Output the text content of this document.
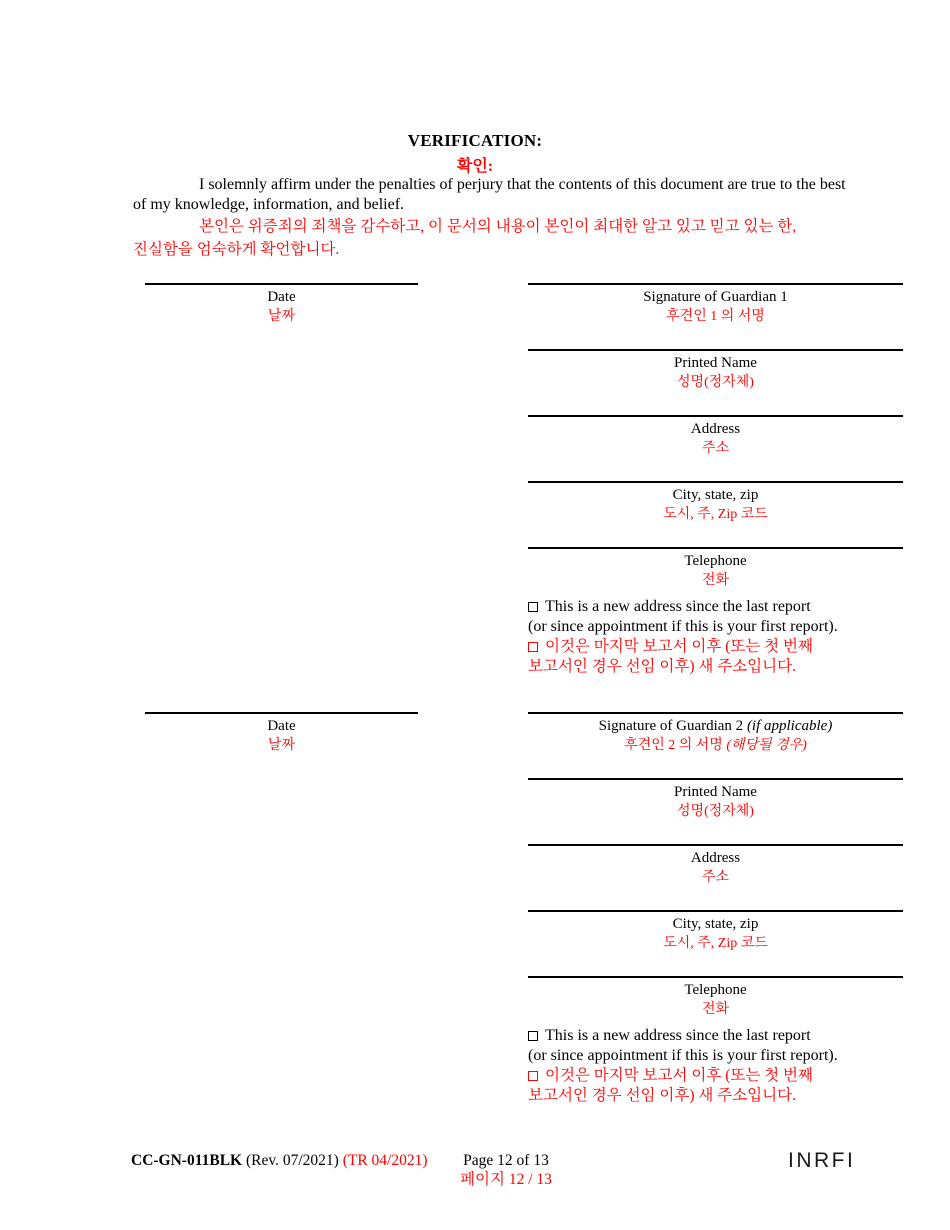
VERIFICATION:
확인:
I solemnly affirm under the penalties of perjury that the contents of this document are true to the best
of my knowledge, information, and belief.
본인은 위증죄의 죄책을 감수하고, 이 문서의 내용이 본인이 최대한 알고 있고 믿고 있는 한,
진실함을 엄숙하게 확언합니다.
Date
날짜
Signature of Guardian 1
후견인 1 의 서명
Printed Name
성명(정자체)
Address
주소
City, state, zip
도시, 주, Zip 코드
Telephone
전화
This is a new address since the last report
(or since appointment if this is your first report).
이것은 마지막 보고서 이후 (또는 첫 번째
보고서인 경우 선임 이후) 새 주소입니다.
Date
날짜
Signature of Guardian 2 (if applicable)
후견인 2 의 서명 (해당될 경우)
Printed Name
성명(정자체)
Address
주소
City, state, zip
도시, 주, Zip 코드
Telephone
전화
This is a new address since the last report
(or since appointment if this is your first report).
이것은 마지막 보고서 이후 (또는 첫 번째
보고서인 경우 선임 이후) 새 주소입니다.
CC-GN-011BLK (Rev. 07/2021) (TR 04/2021)	Page 12 of 13
페이지 12 / 13
INRFI
